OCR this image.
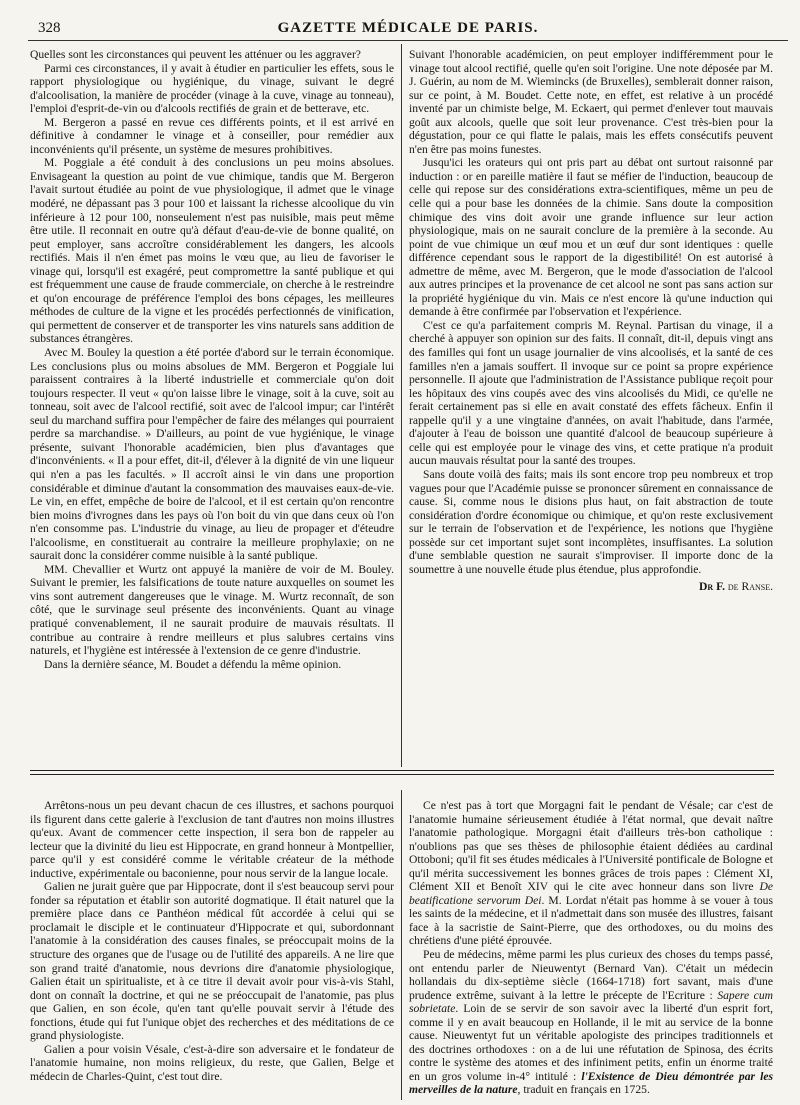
328	GAZETTE MÉDICALE DE PARIS.

Quelles sont les circonstances qui peuvent les atténuer ou les aggraver?

Parmi ces circonstances, il y avait à étudier en particulier les effets, sous le rapport physiologique ou hygiénique, du vinage, suivant le degré d'alcoolisation, la manière de procéder (vinage à la cuve, vinage au tonneau), l'emploi d'esprit-de-vin ou d'alcools rectifiés de grain et de betterave, etc.

M. Bergeron a passé en revue ces différents points, et il est arrivé en définitive à condamner le vinage et à conseiller, pour remédier aux inconvénients qu'il présente, un système de mesures prohibitives.

M. Poggiale a été conduit à des conclusions un peu moins absolues. Envisageant la question au point de vue chimique, tandis que M. Bergeron l'avait surtout étudiée au point de vue physiologique, il admet que le vinage modéré, ne dépassant pas 3 pour 100 et laissant la richesse alcoolique du vin inférieure à 12 pour 100, nonseulement n'est pas nuisible, mais peut même être utile. Il reconnait en outre qu'à défaut d'eau-de-vie de bonne qualité, on peut employer, sans accroître considérablement les dangers, les alcools rectifiés. Mais il n'en émet pas moins le vœu que, au lieu de favoriser le vinage qui, lorsqu'il est exagéré, peut compromettre la santé publique et qui est fréquemment une cause de fraude commerciale, on cherche à le restreindre et qu'on encourage de préférence l'emploi des bons cépages, les meilleures méthodes de culture de la vigne et les procédés perfectionnés de vinification, qui permettent de conserver et de transporter les vins naturels sans addition de substances étrangères.

Avec M. Bouley la question a été portée d'abord sur le terrain économique. Les conclusions plus ou moins absolues de MM. Bergeron et Poggiale lui paraissent contraires à la liberté industrielle et commerciale qu'on doit toujours respecter. Il veut « qu'on laisse libre le vinage, soit à la cuve, soit au tonneau, soit avec de l'alcool rectifié, soit avec de l'alcool impur; car l'intérêt seul du marchand suffira pour l'empêcher de faire des mélanges qui pourraient perdre sa marchandise. » D'ailleurs, au point de vue hygiénique, le vinage présente, suivant l'honorable académicien, bien plus d'avantages que d'inconvénients. « Il a pour effet, dit-il, d'élever à la dignité de vin une liqueur qui n'en a pas les facultés. » Il accroît ainsi le vin dans une proportion considérable et diminue d'autant la consommation des mauvaises eaux-de-vie. Le vin, en effet, empêche de boire de l'alcool, et il est certain qu'on rencontre bien moins d'ivrognes dans les pays où l'on boit du vin que dans ceux où l'on n'en consomme pas. L'industrie du vinage, au lieu de propager et d'éteudre l'alcoolisme, en constituerait au contraire la meilleure prophylaxie; on ne saurait donc la considérer comme nuisible à la santé publique.

MM. Chevallier et Wurtz ont appuyé la manière de voir de M. Bouley. Suivant le premier, les falsifications de toute nature auxquelles on soumet les vins sont autrement dangereuses que le vinage. M. Wurtz reconnaît, de son côté, que le survinage seul présente des inconvénients. Quant au vinage pratiqué convenablement, il ne saurait produire de mauvais résultats. Il contribue au contraire à rendre meilleurs et plus salubres certains vins naturels, et l'hygiène est intéressée à l'extension de ce genre d'industrie.

Dans la dernière séance, M. Boudet a défendu la même opinion.

Suivant l'honorable académicien, on peut employer indifféremment pour le vinage tout alcool rectifié, quelle qu'en soit l'origine. Une note déposée par M. J. Guérin, au nom de M. Wiemincks (de Bruxelles), semblerait donner raison, sur ce point, à M. Boudet. Cette note, en effet, est relative à un procédé inventé par un chimiste belge, M. Eckaert, qui permet d'enlever tout mauvais goût aux alcools, quelle que soit leur provenance. C'est très-bien pour la dégustation, pour ce qui flatte le palais, mais les effets consécutifs peuvent n'en être pas moins funestes.

Jusqu'ici les orateurs qui ont pris part au débat ont surtout raisonné par induction : or en pareille matière il faut se méfier de l'induction, beaucoup de celle qui repose sur des considérations extra-scientifiques, même un peu de celle qui a pour base les données de la chimie. Sans doute la composition chimique des vins doit avoir une grande influence sur leur action physiologique, mais on ne saurait conclure de la première à la seconde. Au point de vue chimique un œuf mou et un œuf dur sont identiques : quelle différence cependant sous le rapport de la digestibilité! On est autorisé à admettre de même, avec M. Bergeron, que le mode d'association de l'alcool aux autres principes et la provenance de cet alcool ne sont pas sans action sur la propriété hygiénique du vin. Mais ce n'est encore là qu'une induction qui demande à être confirmée par l'observation et l'expérience.

C'est ce qu'a parfaitement compris M. Reynal. Partisan du vinage, il a cherché à appuyer son opinion sur des faits. Il connaît, dit-il, depuis vingt ans des familles qui font un usage journalier de vins alcoolisés, et la santé de ces familles n'en a jamais souffert. Il invoque sur ce point sa propre expérience personnelle. Il ajoute que l'administration de l'Assistance publique reçoit pour les hôpitaux des vins coupés avec des vins alcoolisés du Midi, ce qu'elle ne ferait certainement pas si elle en avait constaté des effets fâcheux. Enfin il rappelle qu'il y a une vingtaine d'années, on avait l'habitude, dans l'armée, d'ajouter à l'eau de boisson une quantité d'alcool de beaucoup supérieure à celle qui est employée pour le vinage des vins, et cette pratique n'a produit aucun mauvais résultat pour la santé des troupes.

Sans doute voilà des faits; mais ils sont encore trop peu nombreux et trop vagues pour que l'Académie puisse se prononcer sûrement en connaissance de cause. Si, comme nous le disions plus haut, on fait abstraction de toute considération d'ordre économique ou chimique, et qu'on reste exclusivement sur le terrain de l'observation et de l'expérience, les notions que l'hygiène possède sur cet important sujet sont incomplètes, insuffisantes. La solution d'une semblable question ne saurait s'improviser. Il importe donc de la soumettre à une nouvelle étude plus étendue, plus approfondie.

Dr F. de Ranse.

Arrêtons-nous un peu devant chacun de ces illustres, et sachons pourquoi ils figurent dans cette galerie à l'exclusion de tant d'autres non moins illustres qu'eux. Avant de commencer cette inspection, il sera bon de rappeler au lecteur que la divinité du lieu est Hippocrate, en grand honneur à Montpellier, parce qu'il y est considéré comme le véritable créateur de la méthode inductive, expérimentale ou baconienne, pour nous servir de la langue locale.

Galien ne jurait guère que par Hippocrate, dont il s'est beaucoup servi pour fonder sa réputation et établir son autorité dogmatique. Il était naturel que la première place dans ce Panthéon médical fût accordée à celui qui se proclamait le disciple et le continuateur d'Hippocrate et qui, subordonnant l'anatomie à la considération des causes finales, se préoccupait moins de la structure des organes que de l'usage ou de l'utilité des appareils. A ne lire que son grand traité d'anatomie, nous devrions dire d'anatomie physiologique, Galien était un spiritualiste, et à ce titre il devait avoir pour vis-à-vis Stahl, dont on connaît la doctrine, et qui ne se préoccupait de l'anatomie, pas plus que Galien, en son école, qu'en tant qu'elle pouvait servir à l'étude des fonctions, étude qui fut l'unique objet des recherches et des méditations de ce grand physiologiste.

Galien a pour voisin Vésale, c'est-à-dire son adversaire et le fondateur de l'anatomie humaine, non moins religieux, du reste, que Galien, Belge et médecin de Charles-Quint, c'est tout dire.

Ce n'est pas à tort que Morgagni fait le pendant de Vésale; car c'est de l'anatomie humaine sérieusement étudiée à l'état normal, que devait naître l'anatomie pathologique. Morgagni était d'ailleurs très-bon catholique : n'oublions pas que ses thèses de philosophie étaient dédiées au cardinal Ottoboni; qu'il fit ses études médicales à l'Université pontificale de Bologne et qu'il mérita successivement les bonnes grâces de trois papes : Clément XI, Clément XII et Benoît XIV qui le cite avec honneur dans son livre De beatificatione servorum Dei. M. Lordat n'était pas homme à se vouer à tous les saints de la médecine, et il n'admettait dans son musée des illustres, faisant face à la sacristie de Saint-Pierre, que des orthodoxes, ou du moins des chrétiens d'une piété éprouvée.

Peu de médecins, même parmi les plus curieux des choses du temps passé, ont entendu parler de Nieuwentyt (Bernard Van). C'était un médecin hollandais du dix-septième siècle (1664-1718) fort savant, mais d'une prudence extrême, suivant à la lettre le précepte de l'Ecriture : Sapere cum sobrietate. Loin de se servir de son savoir avec la liberté d'un esprit fort, comme il y en avait beaucoup en Hollande, il le mit au service de la bonne cause. Nieuwentyt fut un véritable apologiste des principes traditionnels et des doctrines orthodoxes : on a de lui une réfutation de Spinosa, des écrits contre le système des atomes et des infiniment petits, enfin un énorme traité en un gros volume in-4° intitulé : l'Existence de Dieu démontrée par les merveilles de la nature, traduit en français en 1725.
